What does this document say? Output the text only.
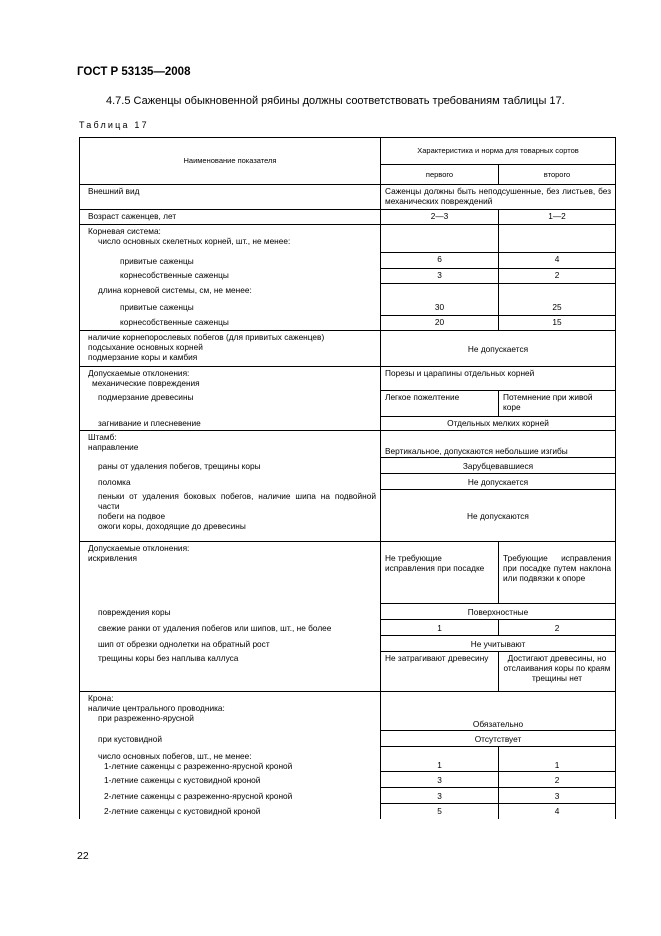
ГОСТ Р 53135—2008
4.7.5 Саженцы обыкновенной рябины должны соответствовать требованиям таблицы 17.
Таблица 17
Наименование показателя	Характеристика и норма для товарных сортов	
	первого	второго
Внешний вид	Саженцы должны быть неподсушенные, без листьев, без механических повреждений	
Возраст саженцев, лет	2—3	1—2

Корневая система:
число основных скелетных корней, шт., не менее:		

привитые саженцы	6	4
корнесобственные саженцы	3	2
длина корневой системы, см, не менее:		
привитые саженцы	30	25
корнесобственные саженцы	20	15

наличие корнепорослевых побегов (для привитых саженцев)
подсыхание основных корней
подмерзание коры и камбия	Не допускается	

Допускаемые отклонения:
механические повреждения	Порезы и царапины отдельных корней	
подмерзание древесины	Легкое пожелтение	Потемнение при живой коре
загнивание и плесневение	Отдельных мелких корней	

Штамб:
направление	Вертикальное, допускаются небольшие изгибы	
раны от удаления побегов, трещины коры	Зарубцевавшиеся	
поломка	Не допускается	

пеньки от удаления боковых побегов, наличие шипа на подвойной части
побеги на подвое
ожоги коры, доходящие до древесины	Не допускаются	

Допускаемые отклонения:
искривления	Не требующие исправления при посадке	Требующие исправления при посадке путем наклона или подвязки к опоре
повреждения коры	Поверхностные	
свежие ранки от удаления побегов или шипов, шт., не более	1	2
шип от обрезки однолетки на обратный рост	Не учитывают	
трещины коры без наплыва каллуса	Не затрагивают древесину	Достигают древесины, но отслаивания коры по краям трещины нет

Крона:
наличие центрального проводника:
при разреженно-ярусной	Обязательно	
при кустовидной	Отсутствует	

число основных побегов, шт., не менее:
1-летние саженцы с разреженно-ярусной кроной	1	1
1-летние саженцы с кустовидной кроной	3	2
2-летние саженцы с разреженно-ярусной кроной	3	3
2-летние саженцы с кустовидной кроной	5	4
22
